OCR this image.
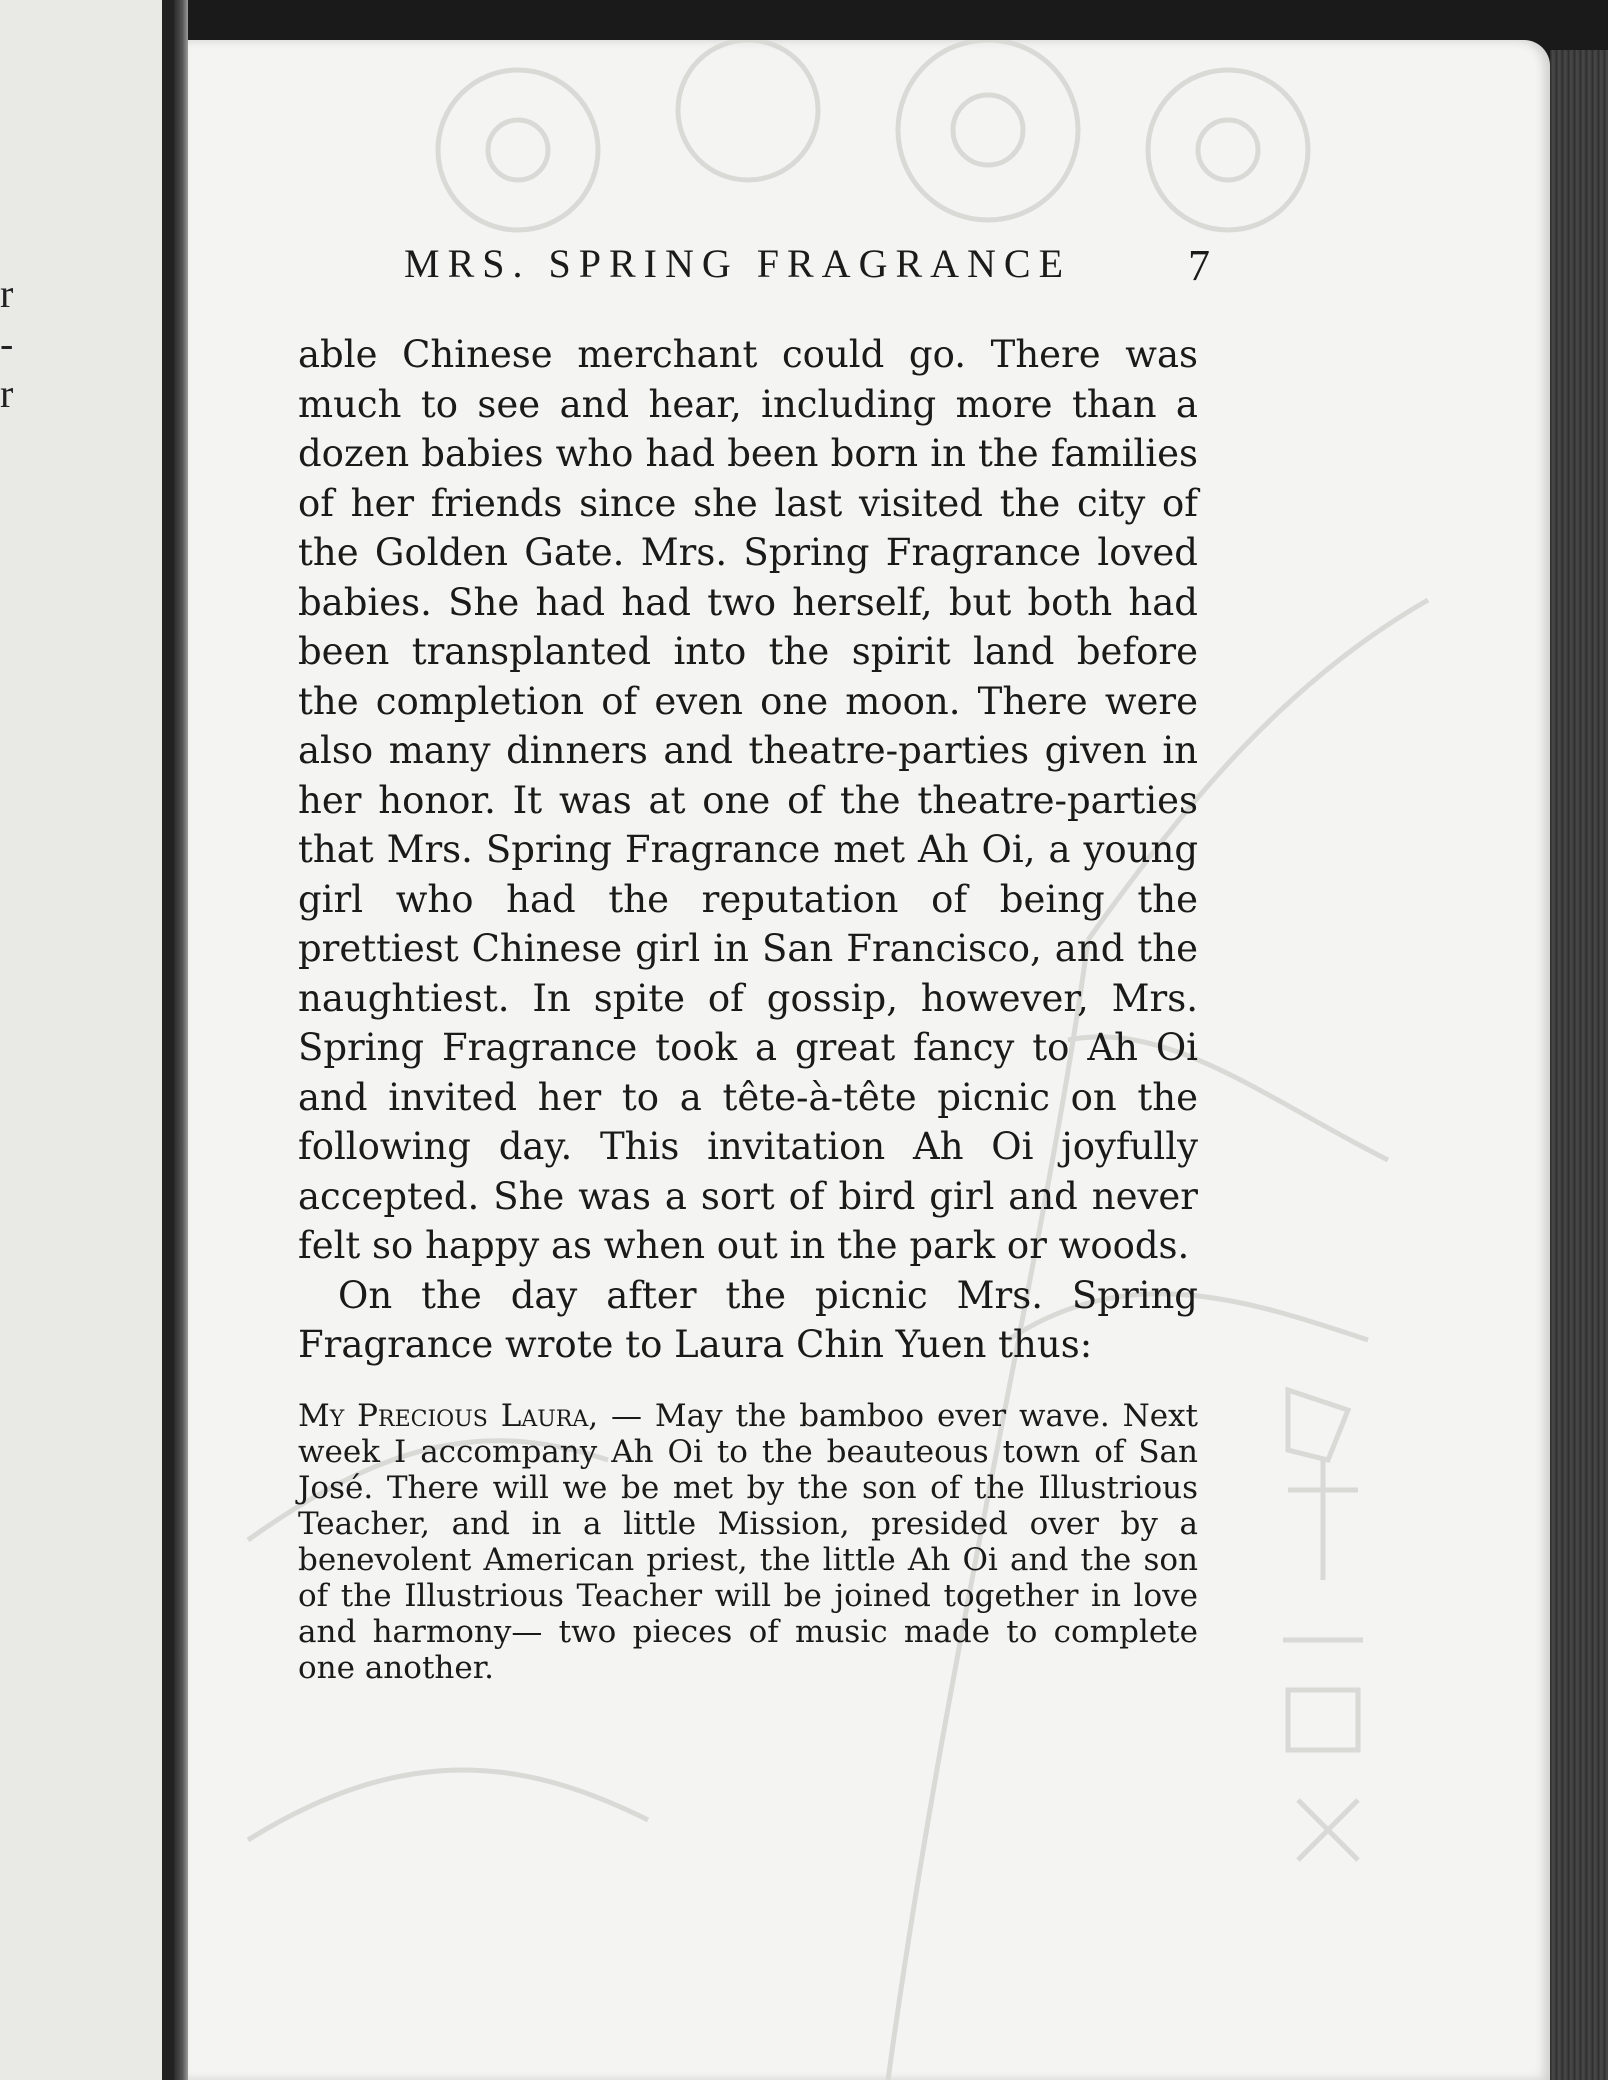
r
-
r
MRS. SPRING FRAGRANCE	7

able Chinese merchant could go. There was much to see and hear, including more than a dozen babies who had been born in the families of her friends since she last visited the city of the Golden Gate. Mrs. Spring Fragrance loved babies. She had had two herself, but both had been transplanted into the spirit land before the completion of even one moon. There were also many dinners and theatre-parties given in her honor. It was at one of the theatre-parties that Mrs. Spring Fragrance met Ah Oi, a young girl who had the reputation of being the prettiest Chinese girl in San Francisco, and the naughtiest. In spite of gossip, however, Mrs. Spring Fragrance took a great fancy to Ah Oi and invited her to a tête-à-tête picnic on the following day. This invitation Ah Oi joyfully accepted. She was a sort of bird girl and never felt so happy as when out in the park or woods.

On the day after the picnic Mrs. Spring Fragrance wrote to Laura Chin Yuen thus:

My Precious Laura, — May the bamboo ever wave. Next week I accompany Ah Oi to the beauteous town of San José. There will we be met by the son of the Illustrious Teacher, and in a little Mission, presided over by a benevolent American priest, the little Ah Oi and the son of the Illustrious Teacher will be joined together in love and harmony— two pieces of music made to complete one another.
